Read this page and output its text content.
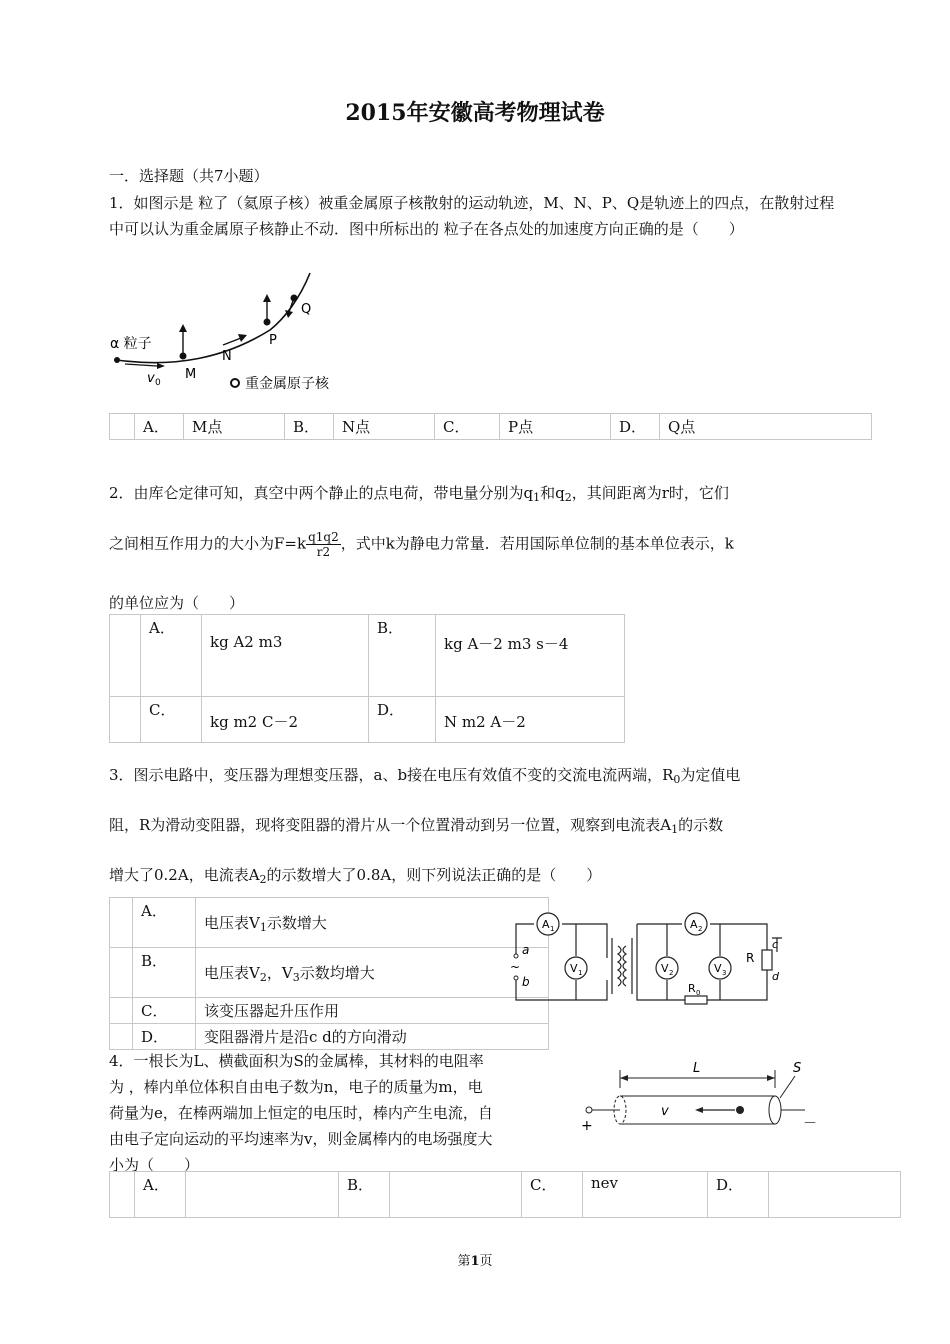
2015年安徽高考物理试卷
一．选择题（共7小题）
1．如图示是 粒了（氦原子核）被重金属原子核散射的运动轨迹，M、N、P、Q是轨迹上的四点，在散射过程中可以认为重金属原子核静止不动．图中所标出的 粒子在各点处的加速度方向正确的是（　　）
α 粒子
v 0
M
N
P
Q
重金属原子核
	A．	M点	B．	N点	C．	P点	D．	Q点
2．由库仑定律可知，真空中两个静止的点电荷，带电量分别为$q_1$和$q_2$，其间距离为r时，它们
之间相互作用力的大小为$F=k \frac{q1q2}{r2}$ ，式中k为静电力常量．若用国际单位制的基本单位表示，k
的单位应为（　　）
	A．	kg A2 m3	B．	kg A－2 m3 s－4
	C．	kg m2 C－2	D．	N m2 A－2
3．图示电路中，变压器为理想变压器，a、b接在电压有效值不变的交流电流两端，$R_0$为定值电
阻，R为滑动变阻器，现将变阻器的滑片从一个位置滑动到另一位置，观察到电流表$A_1$的示数
增大了0.2A，电流表$A_2$的示数增大了0.8A，则下列说法正确的是（　　）
	A．	电压表$V_1$示数增大
	B．	电压表$V_2$，$V_3$示数均增大
	C．	该变压器起升压作用
	D．	变阻器滑片是沿c d的方向滑动
A 1
V 1
A 2
V 2	V 3
R
R 0
a
b
~
c
d
4．一根长为L、横截面积为S的金属棒，其材料的电阻率
为 ，棒内单位体积自由电子数为n，电子的质量为m，电
荷量为e，在棒两端加上恒定的电压时，棒内产生电流，自
由电子定向运动的平均速率为v，则金属棒内的电场强度大
小为（　　）
L
+	－
S
v
	A．		B．		C．	nev	D．	
第1页
